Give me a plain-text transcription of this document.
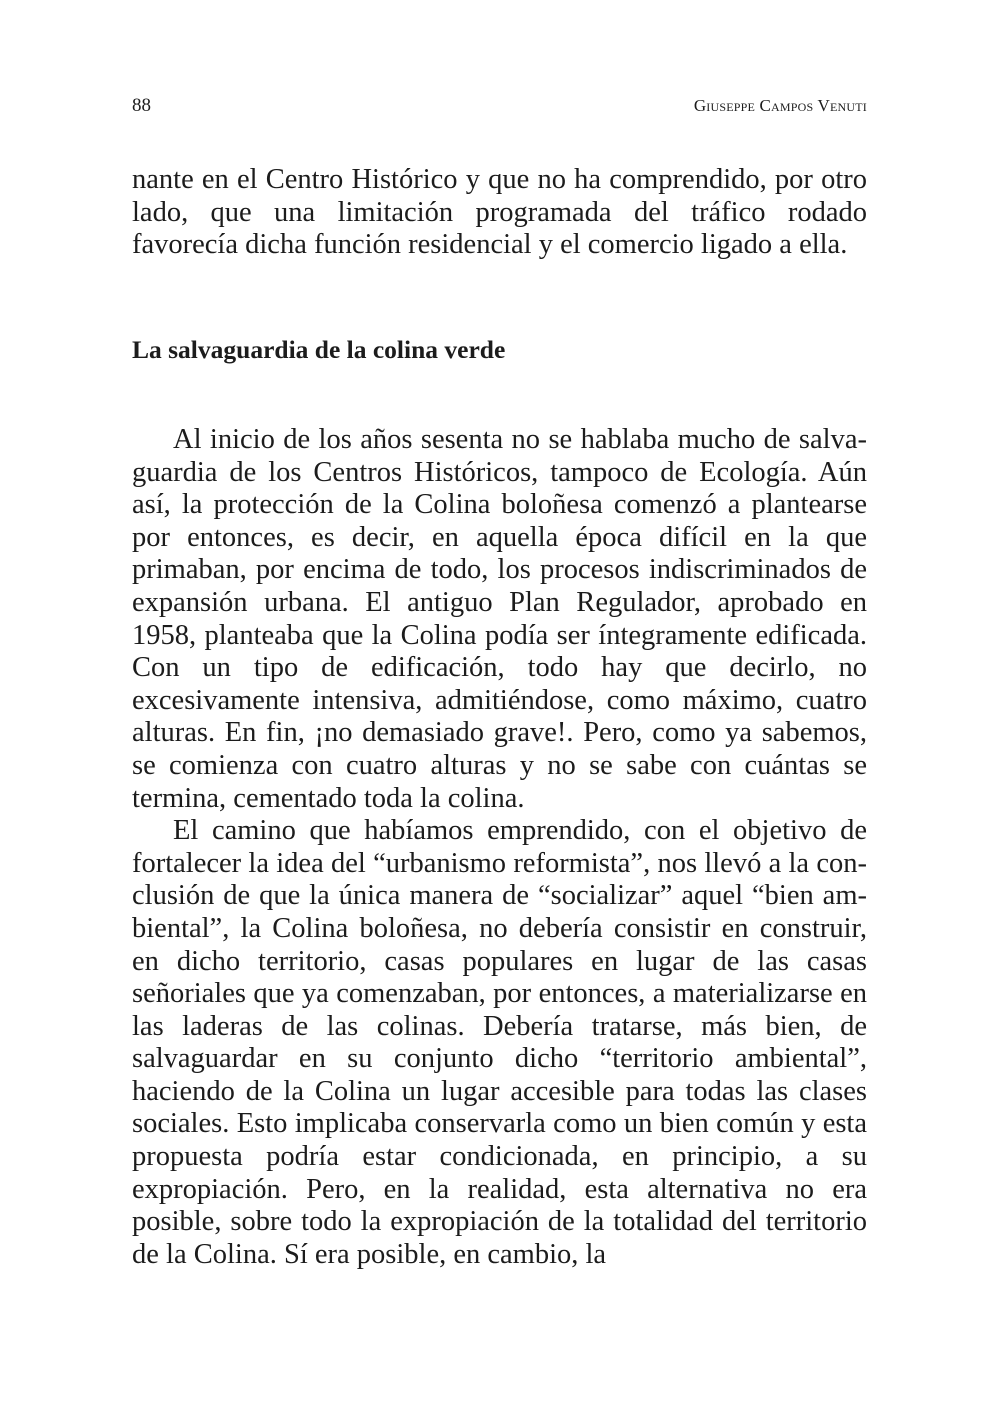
88	Giuseppe Campos Venuti

nante en el Centro Histórico y que no ha comprendido, por otro lado, que una limitación programada del tráfico rodado favorecía dicha función residencial y el comercio ligado a ella.

La salvaguardia de la colina verde

Al inicio de los años sesenta no se hablaba mucho de salvaguardia de los Centros Históricos, tampoco de Ecología. Aún así, la protección de la Colina boloñesa comenzó a plantearse por entonces, es decir, en aquella época difícil en la que primaban, por encima de todo, los procesos indiscriminados de expansión urbana. El antiguo Plan Regulador, aprobado en 1958, planteaba que la Colina podía ser íntegramente edificada. Con un tipo de edificación, todo hay que decirlo, no excesivamente intensiva, admitiéndose, como máximo, cuatro alturas. En fin, ¡no demasiado grave!. Pero, como ya sabemos, se comienza con cuatro alturas y no se sabe con cuántas se termina, cementado toda la colina.

El camino que habíamos emprendido, con el objetivo de fortalecer la idea del “urbanismo reformista”, nos llevó a la conclusión de que la única manera de “socializar” aquel “bien ambiental”, la Colina boloñesa, no debería consistir en construir, en dicho territorio, casas populares en lugar de las casas señoriales que ya comenzaban, por entonces, a materializarse en las laderas de las colinas. Debería tratarse, más bien, de salvaguardar en su conjunto dicho “territorio ambiental”, haciendo de la Colina un lugar accesible para todas las clases sociales. Esto implicaba conservarla como un bien común y esta propuesta podría estar condicionada, en principio, a su expropiación. Pero, en la realidad, esta alternativa no era posible, sobre todo la expropiación de la totalidad del territorio de la Colina. Sí era posible, en cambio, la
